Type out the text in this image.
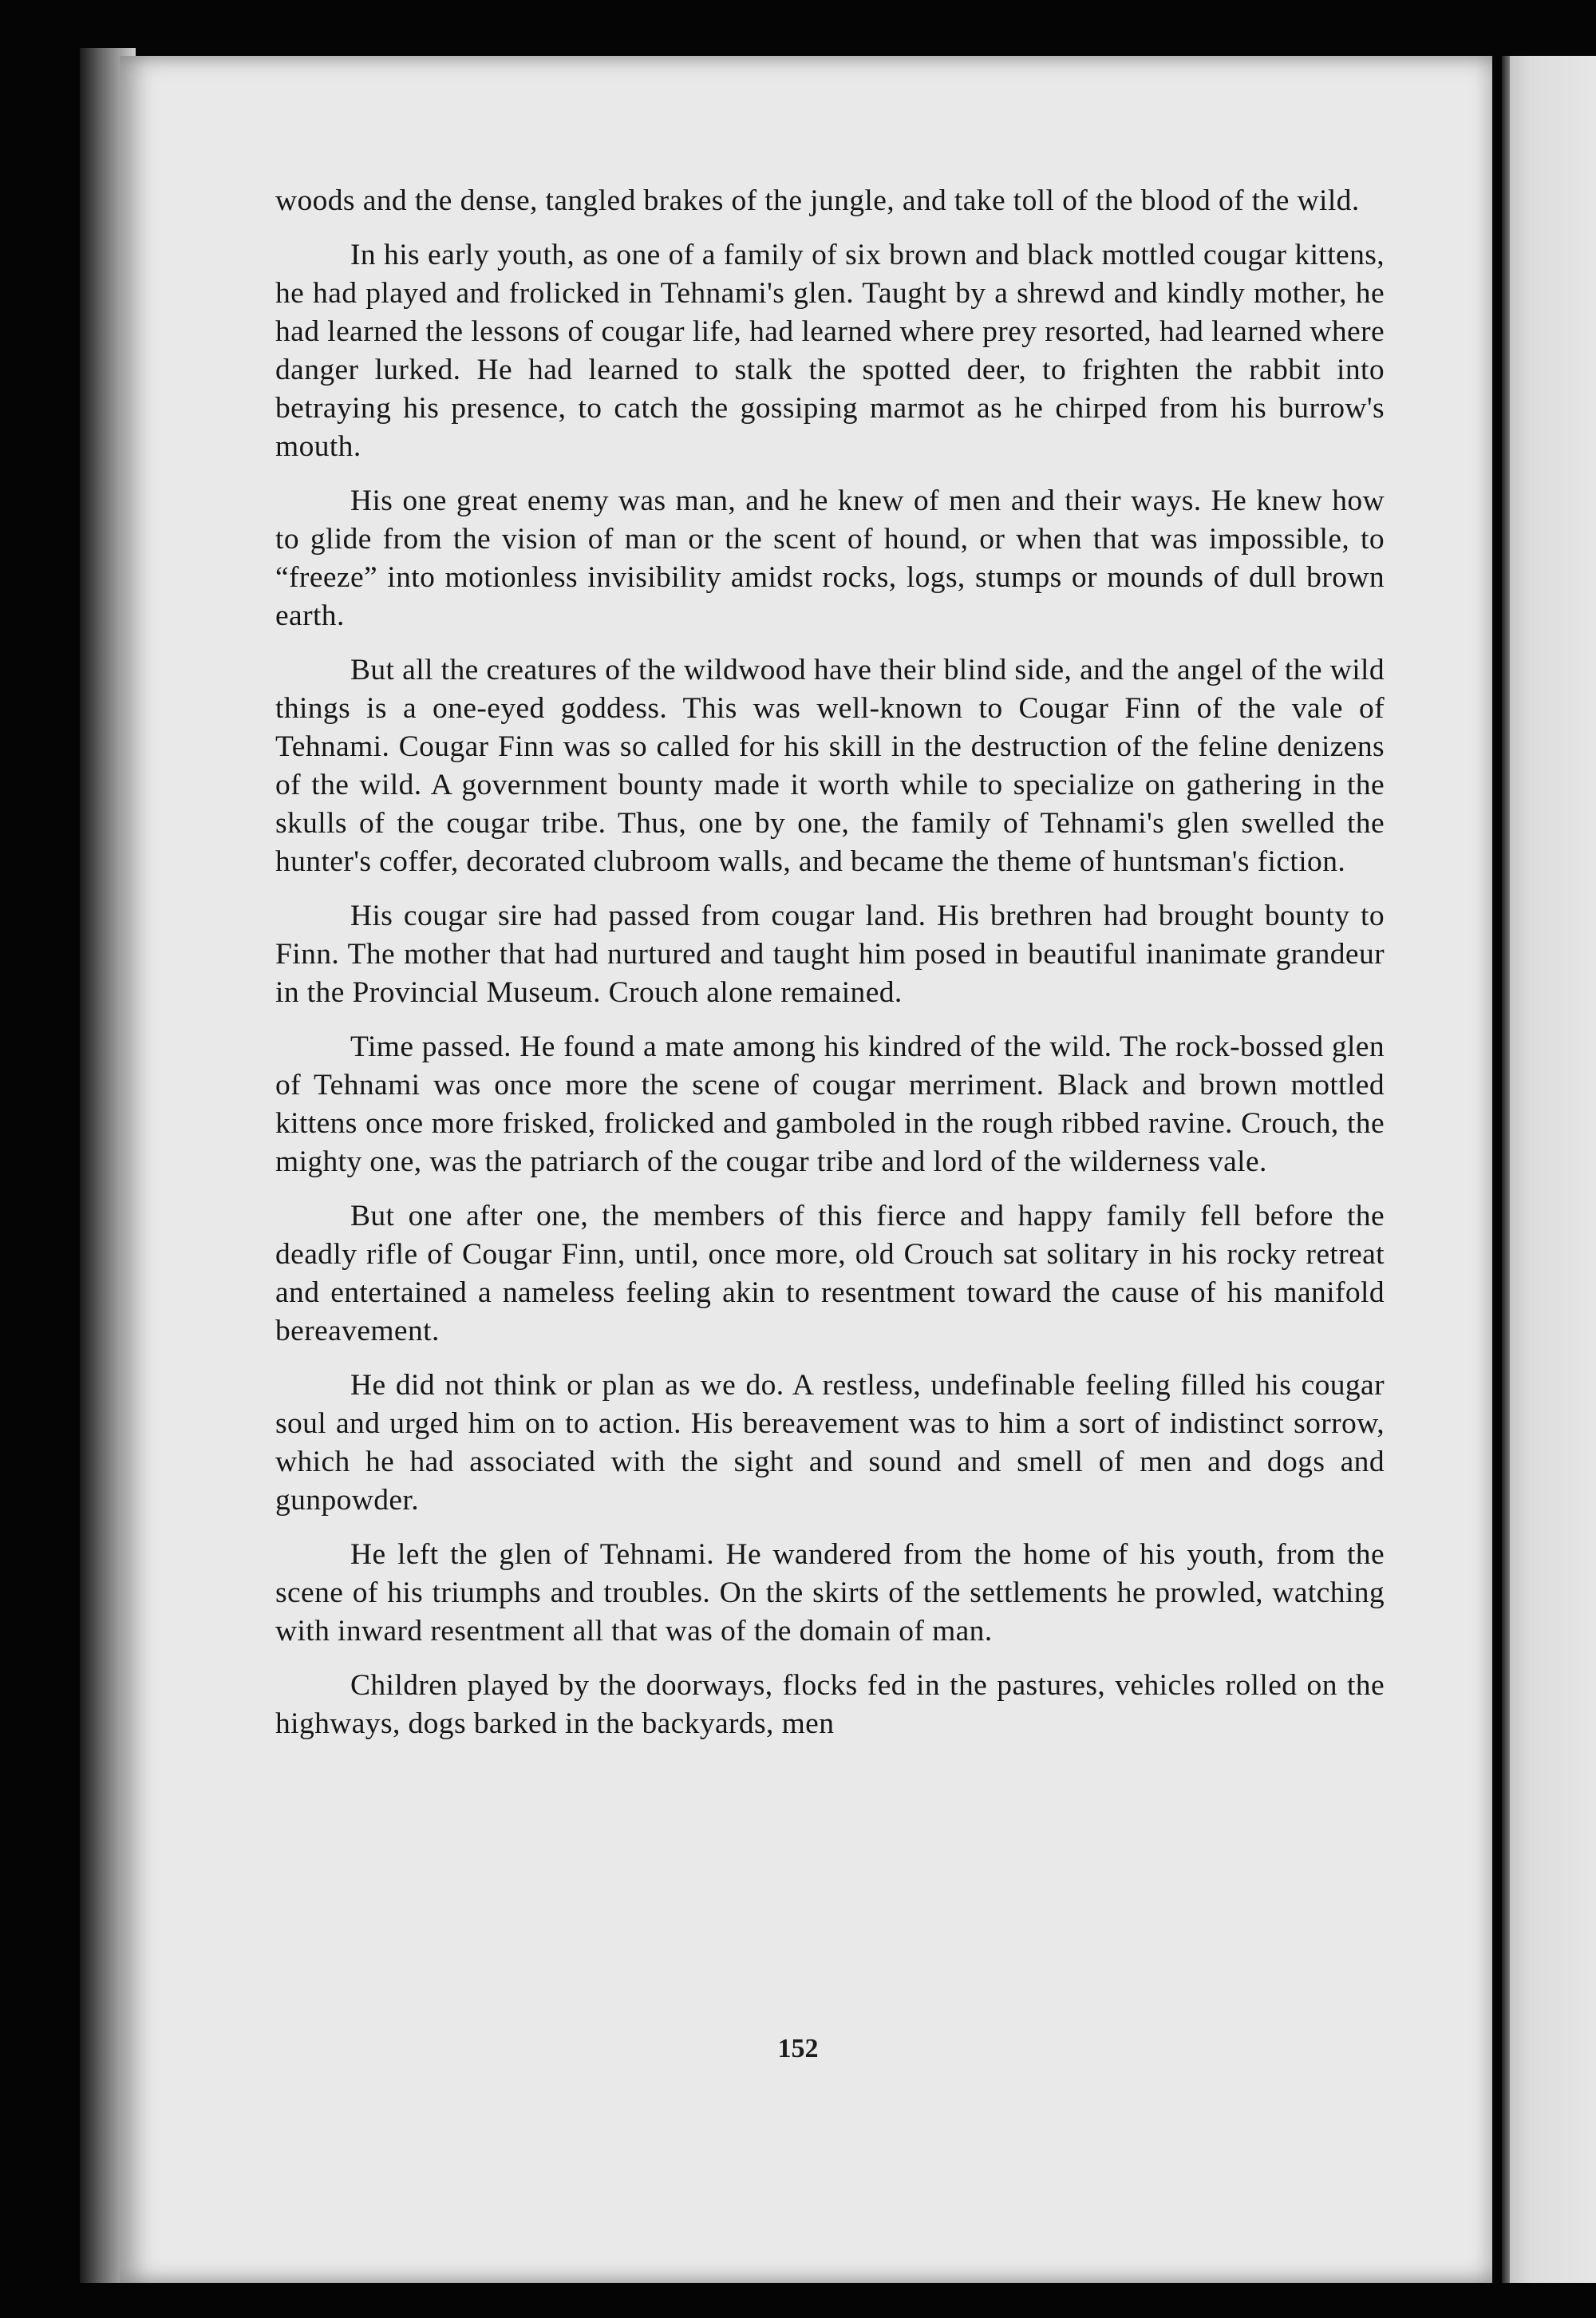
woods and the dense, tangled brakes of the jungle, and take toll of the blood of the wild.

In his early youth, as one of a family of six brown and black mottled cougar kittens, he had played and frolicked in Tehnami's glen. Taught by a shrewd and kindly mother, he had learned the lessons of cougar life, had learned where prey resorted, had learned where danger lurked. He had learned to stalk the spotted deer, to frighten the rabbit into betraying his presence, to catch the gossiping marmot as he chirped from his burrow's mouth.

His one great enemy was man, and he knew of men and their ways. He knew how to glide from the vision of man or the scent of hound, or when that was impossible, to “freeze” into motionless invisibility amidst rocks, logs, stumps or mounds of dull brown earth.

But all the creatures of the wildwood have their blind side, and the angel of the wild things is a one-eyed goddess. This was well-known to Cougar Finn of the vale of Tehnami. Cougar Finn was so called for his skill in the destruction of the feline denizens of the wild. A government bounty made it worth while to specialize on gathering in the skulls of the cougar tribe. Thus, one by one, the family of Tehnami's glen swelled the hunter's coffer, decorated clubroom walls, and became the theme of huntsman's fiction.

His cougar sire had passed from cougar land. His brethren had brought bounty to Finn. The mother that had nurtured and taught him posed in beautiful inanimate grandeur in the Provincial Museum. Crouch alone remained.

Time passed. He found a mate among his kindred of the wild. The rock-bossed glen of Tehnami was once more the scene of cougar merriment. Black and brown mottled kittens once more frisked, frolicked and gamboled in the rough ribbed ravine. Crouch, the mighty one, was the patriarch of the cougar tribe and lord of the wilderness vale.

But one after one, the members of this fierce and happy family fell before the deadly rifle of Cougar Finn, until, once more, old Crouch sat solitary in his rocky retreat and entertained a nameless feeling akin to resentment toward the cause of his manifold bereavement.

He did not think or plan as we do. A restless, undefinable feeling filled his cougar soul and urged him on to action. His bereavement was to him a sort of indistinct sorrow, which he had associated with the sight and sound and smell of men and dogs and gunpowder.

He left the glen of Tehnami. He wandered from the home of his youth, from the scene of his triumphs and troubles. On the skirts of the settlements he prowled, watching with inward resentment all that was of the domain of man.

Children played by the doorways, flocks fed in the pastures, vehicles rolled on the highways, dogs barked in the backyards, men

152
